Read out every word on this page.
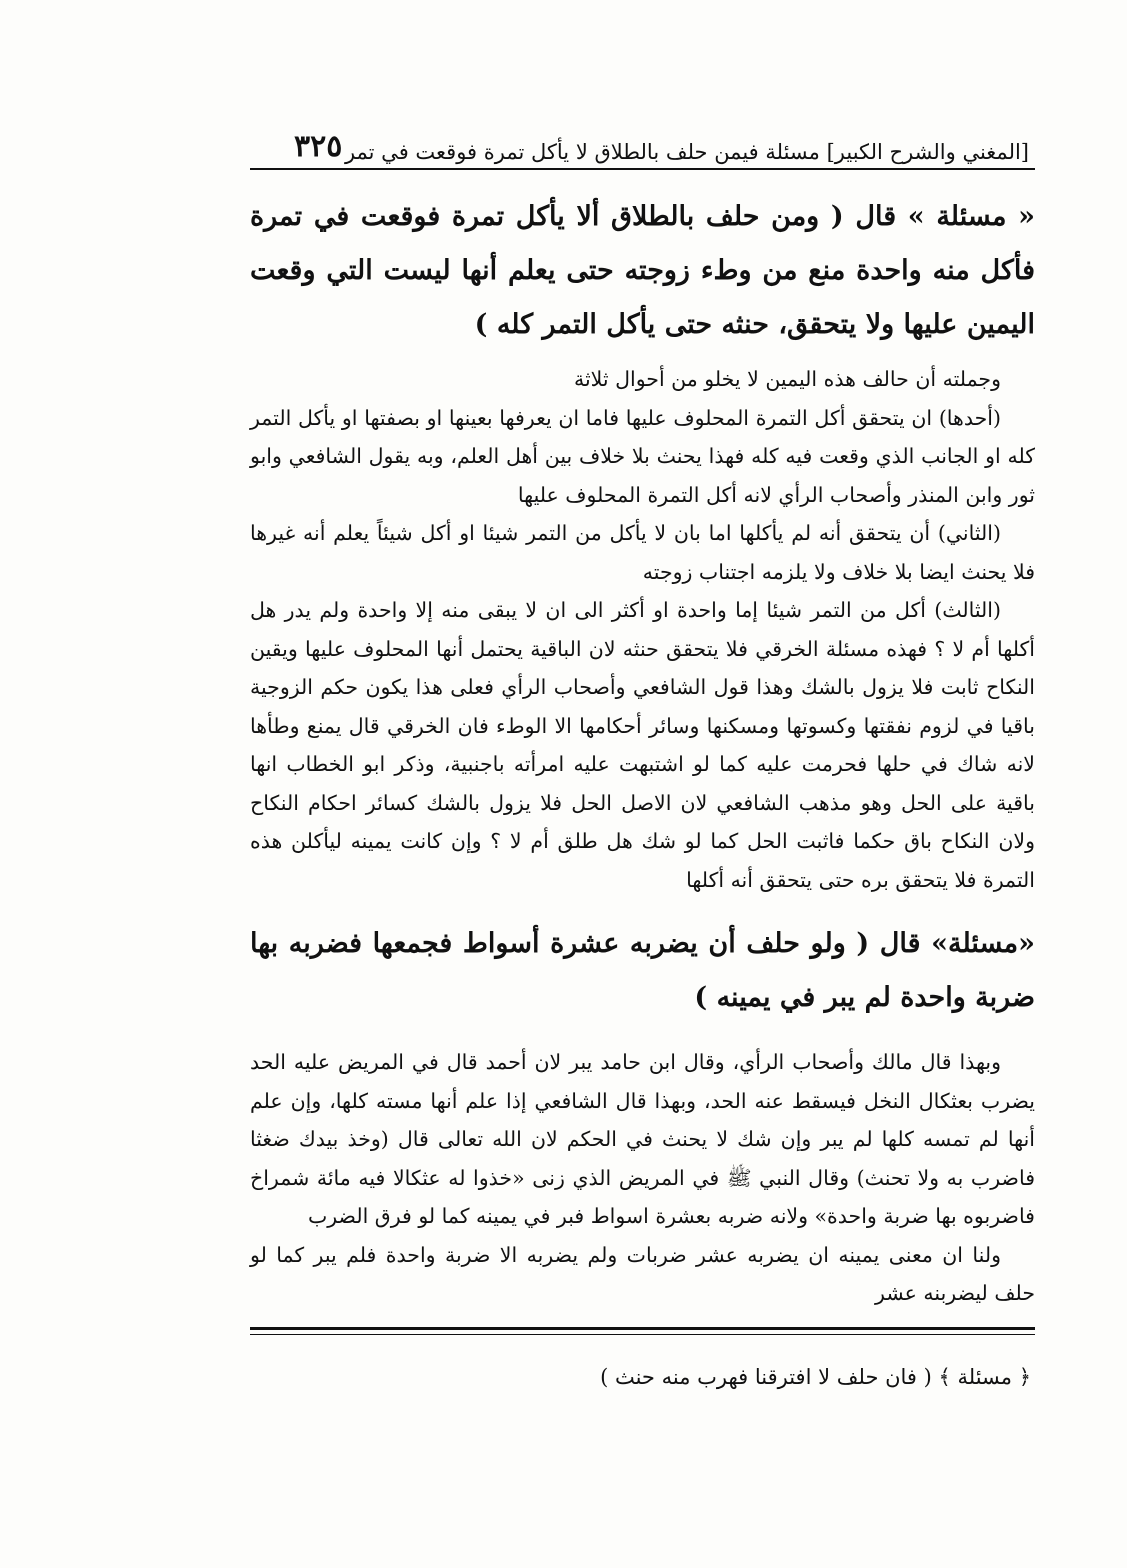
[المغني والشرح الكبير] مسئلة فيمن حلف بالطلاق لا يأكل تمرة فوقعت في تمر
٣٢٥

« مسئلة » قال ( ومن حلف بالطلاق ألا يأكل تمرة فوقعت في تمرة فأكل منه واحدة منع من وطء زوجته حتى يعلم أنها ليست التي وقعت اليمين عليها ولا يتحقق، حنثه حتى يأكل التمر كله )

وجملته أن حالف هذه اليمين لا يخلو من أحوال ثلاثة

(أحدها) ان يتحقق أكل التمرة المحلوف عليها فاما ان يعرفها بعينها او بصفتها او يأكل التمر كله او الجانب الذي وقعت فيه كله فهذا يحنث بلا خلاف بين أهل العلم، وبه يقول الشافعي وابو ثور وابن المنذر وأصحاب الرأي لانه أكل التمرة المحلوف عليها

(الثاني) أن يتحقق أنه لم يأكلها اما بان لا يأكل من التمر شيئا او أكل شيئاً يعلم أنه غيرها فلا يحنث ايضا بلا خلاف ولا يلزمه اجتناب زوجته

(الثالث) أكل من التمر شيئا إما واحدة او أكثر الى ان لا يبقى منه إلا واحدة ولم يدر هل أكلها أم لا ؟ فهذه مسئلة الخرقي فلا يتحقق حنثه لان الباقية يحتمل أنها المحلوف عليها ويقين النكاح ثابت فلا يزول بالشك وهذا قول الشافعي وأصحاب الرأي فعلى هذا يكون حكم الزوجية باقيا في لزوم نفقتها وكسوتها ومسكنها وسائر أحكامها الا الوطء فان الخرقي قال يمنع وطأها لانه شاك في حلها فحرمت عليه كما لو اشتبهت عليه امرأته باجنبية، وذكر ابو الخطاب انها باقية على الحل وهو مذهب الشافعي لان الاصل الحل فلا يزول بالشك كسائر احكام النكاح ولان النكاح باق حكما فاثبت الحل كما لو شك هل طلق أم لا ؟ وإن كانت يمينه ليأكلن هذه التمرة فلا يتحقق بره حتى يتحقق أنه أكلها

«مسئلة» قال ( ولو حلف أن يضربه عشرة أسواط فجمعها فضربه بها ضربة واحدة لم يبر في يمينه )

وبهذا قال مالك وأصحاب الرأي، وقال ابن حامد يبر لان أحمد قال في المريض عليه الحد يضرب بعثكال النخل فيسقط عنه الحد، وبهذا قال الشافعي إذا علم أنها مسته كلها، وإن علم أنها لم تمسه كلها لم يبر وإن شك لا يحنث في الحكم لان الله تعالى قال (وخذ بيدك ضغثا فاضرب به ولا تحنث) وقال النبي ﷺ في المريض الذي زنى «خذوا له عثكالا فيه مائة شمراخ فاضربوه بها ضربة واحدة» ولانه ضربه بعشرة اسواط فبر في يمينه كما لو فرق الضرب

ولنا ان معنى يمينه ان يضربه عشر ضربات ولم يضربه الا ضربة واحدة فلم يبر كما لو حلف ليضربنه عشر

﴿ مسئلة ﴾ ( فان حلف لا افترقنا فهرب منه حنث )
